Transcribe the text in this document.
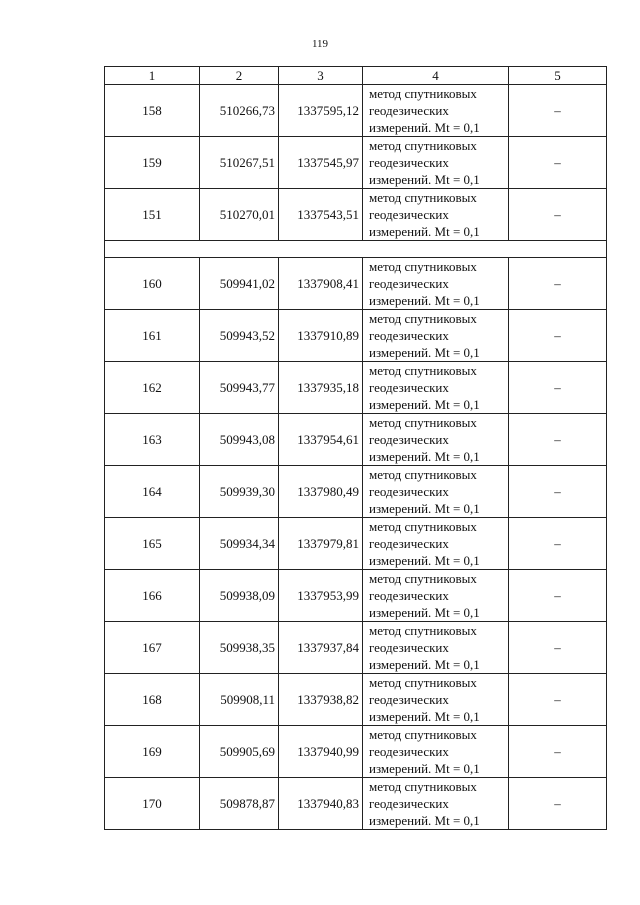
119
1	2	3	4	5
158	510266,73	1337595,12	метод спутниковых геодезических измерений. Mt = 0,1	–
159	510267,51	1337545,97	метод спутниковых геодезических измерений. Mt = 0,1	–
151	510270,01	1337543,51	метод спутниковых геодезических измерений. Mt = 0,1	–

160	509941,02	1337908,41	метод спутниковых геодезических измерений. Mt = 0,1	–
161	509943,52	1337910,89	метод спутниковых геодезических измерений. Mt = 0,1	–
162	509943,77	1337935,18	метод спутниковых геодезических измерений. Mt = 0,1	–
163	509943,08	1337954,61	метод спутниковых геодезических измерений. Mt = 0,1	–
164	509939,30	1337980,49	метод спутниковых геодезических измерений. Mt = 0,1	–
165	509934,34	1337979,81	метод спутниковых геодезических измерений. Mt = 0,1	–
166	509938,09	1337953,99	метод спутниковых геодезических измерений. Mt = 0,1	–
167	509938,35	1337937,84	метод спутниковых геодезических измерений. Mt = 0,1	–
168	509908,11	1337938,82	метод спутниковых геодезических измерений. Mt = 0,1	–
169	509905,69	1337940,99	метод спутниковых геодезических измерений. Mt = 0,1	–
170	509878,87	1337940,83	метод спутниковых геодезических измерений. Mt = 0,1	–
